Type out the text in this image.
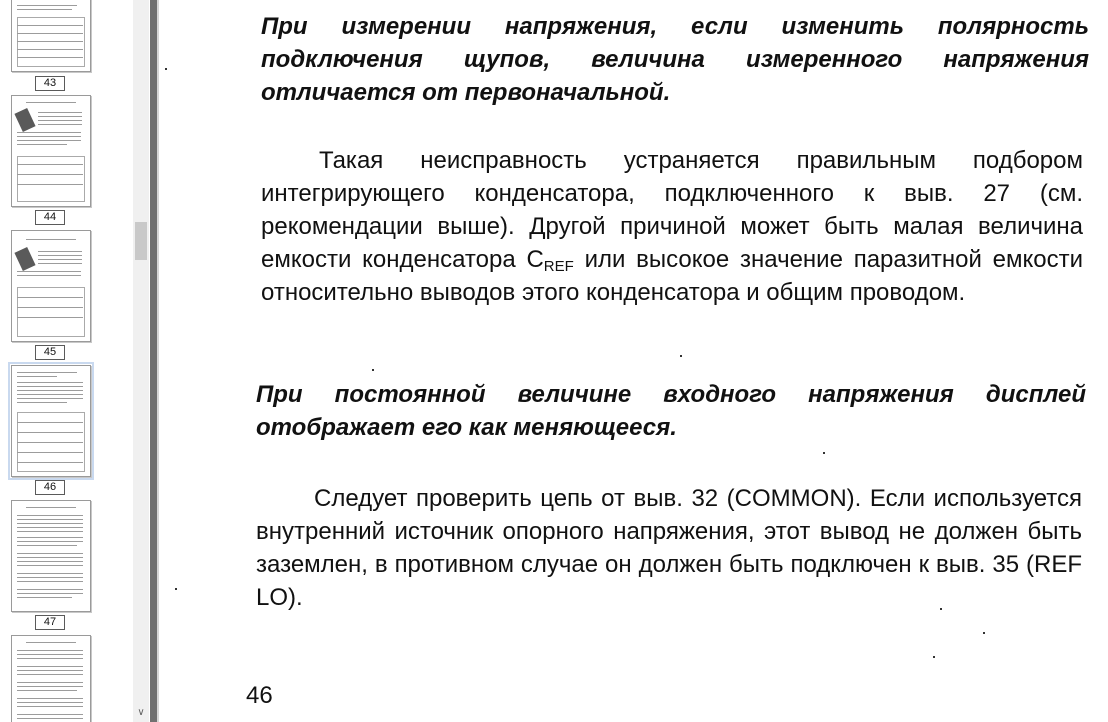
43
44
45
46
47
∨

При измерении напряжения, если изменить полярность подключения щупов, величина измеренного напряжения отличается от первоначальной.

Такая неисправность устраняется правильным подбором интегрирующего конденсатора, подключенного к выв. 27 (см. рекомендации выше). Другой причиной может быть малая величина емкости конденсатора $C_{REF}$ или высокое значение паразитной емкости относительно выводов этого конденсатора и общим проводом.

При постоянной величине входного напряжения дисплей отображает его как меняющееся.

Следует проверить цепь от выв. 32 (COMMON). Если используется внутренний источник опорного напряжения, этот вывод не должен быть заземлен, в противном случае он должен быть подключен к выв. 35 (REF LO).

46
